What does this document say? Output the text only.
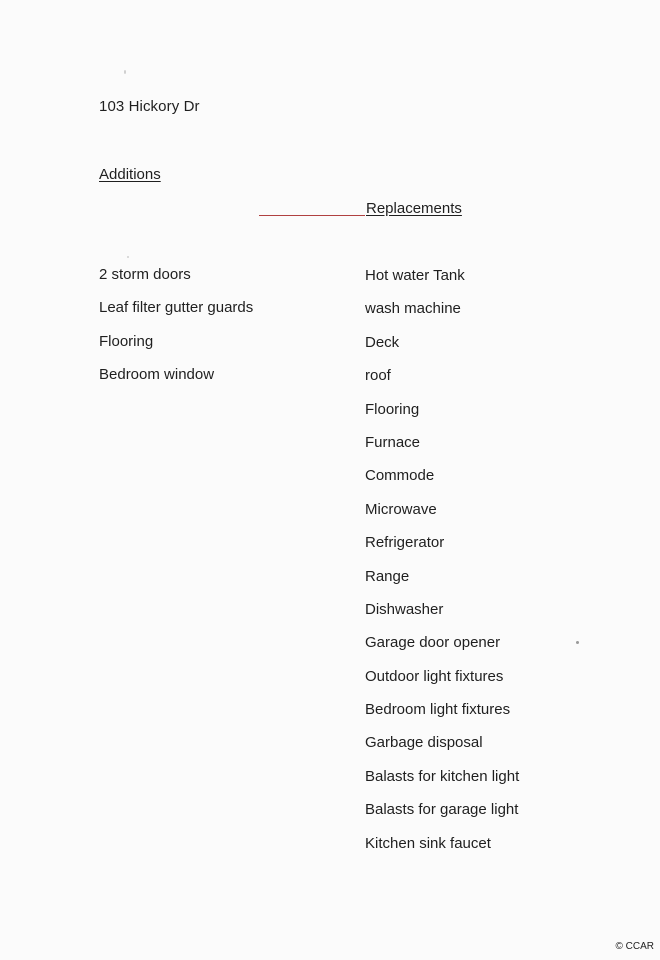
103 Hickory Dr
Additions
Replacements
2 storm doors
Leaf filter gutter guards
Flooring
Bedroom window
Hot water Tank
wash machine
Deck
roof
Flooring
Furnace
Commode
Microwave
Refrigerator
Range
Dishwasher
Garage door opener
Outdoor light fixtures
Bedroom light fixtures
Garbage disposal
Balasts for kitchen light
Balasts for garage light
Kitchen sink faucet
© CCAR
